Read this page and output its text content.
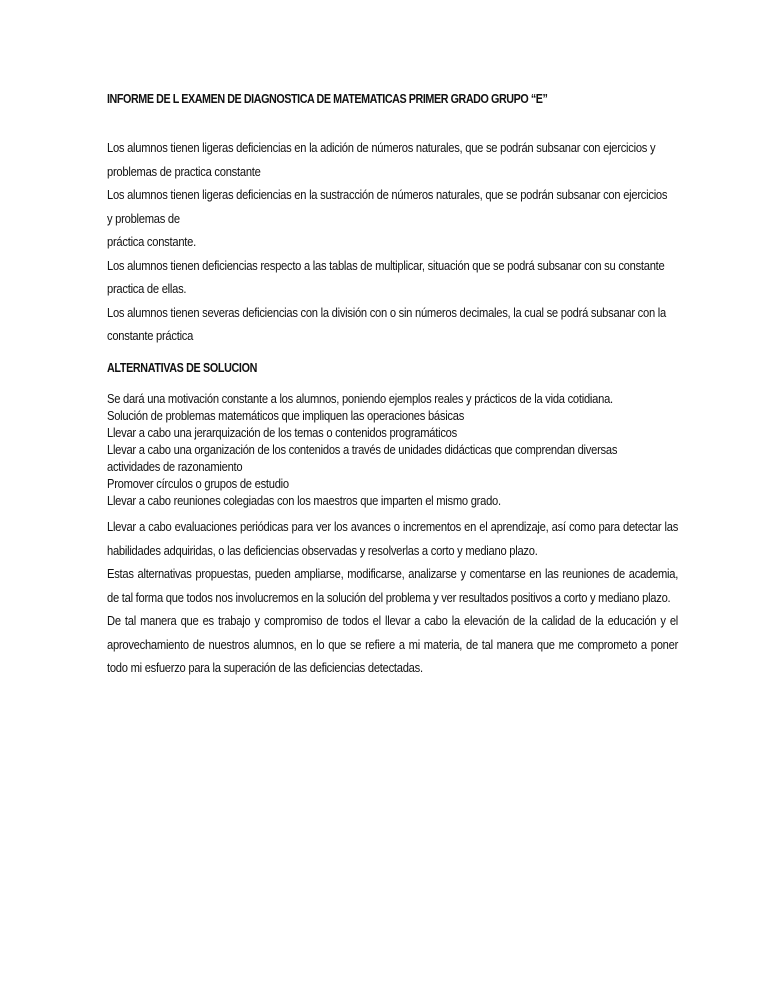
INFORME DE L EXAMEN DE DIAGNOSTICA DE MATEMATICAS PRIMER GRADO GRUPO “E”

Los alumnos tienen ligeras deficiencias en la adición de números naturales, que se podrán subsanar con ejercicios y

problemas de practica constante

Los alumnos tienen ligeras deficiencias en la sustracción de números naturales, que se podrán subsanar con ejercicios

y problemas de

práctica constante.

Los alumnos tienen deficiencias respecto a las tablas de multiplicar, situación que se podrá subsanar con su constante

practica de ellas.

Los alumnos tienen severas deficiencias con la división con o sin números decimales, la cual se podrá subsanar con la

constante práctica

ALTERNATIVAS DE SOLUCION

Se dará una motivación constante a los alumnos, poniendo ejemplos reales y prácticos de la vida cotidiana.

Solución de problemas matemáticos que impliquen las operaciones básicas

Llevar a cabo una jerarquización de los temas o contenidos programáticos

Llevar a cabo una organización de los contenidos a través de unidades didácticas que comprendan diversas

actividades de razonamiento

Promover círculos o grupos de estudio

Llevar a cabo reuniones colegiadas con los maestros que imparten el mismo grado.

Llevar a cabo evaluaciones periódicas para ver los avances o incrementos en el aprendizaje, así como para detectar las habilidades adquiridas, o las deficiencias observadas y resolverlas a corto y mediano plazo.

Estas alternativas propuestas, pueden ampliarse, modificarse, analizarse y comentarse en las reuniones de academia, de tal forma que todos nos involucremos en la solución del problema y ver resultados positivos a corto y mediano plazo.

De tal manera que es trabajo y compromiso de todos el llevar a cabo la elevación de la calidad de la educación y el aprovechamiento de nuestros alumnos, en lo que se refiere a mi materia, de tal manera que me comprometo a poner todo mi esfuerzo para la superación de las deficiencias detectadas.
